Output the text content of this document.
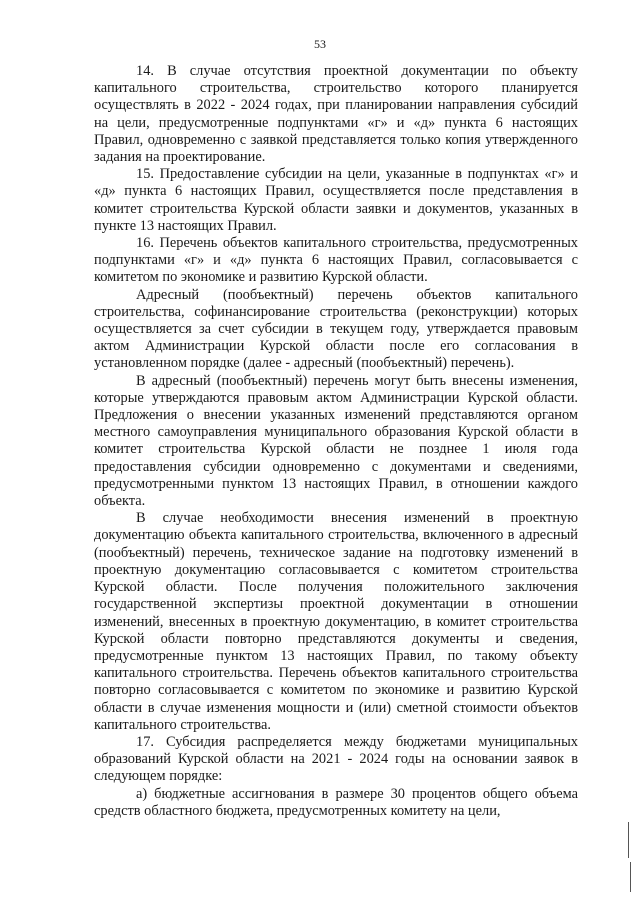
53

14. В случае отсутствия проектной документации по объекту капитального строительства, строительство которого планируется осуществлять в 2022 - 2024 годах, при планировании направления субсидий на цели, предусмотренные подпунктами «г» и «д» пункта 6 настоящих Правил, одновременно с заявкой представляется только копия утвержденного задания на проектирование.

15. Предоставление субсидии на цели, указанные в подпунктах «г» и «д» пункта 6 настоящих Правил, осуществляется после представления в комитет строительства Курской области заявки и документов, указанных в пункте 13 настоящих Правил.

16. Перечень объектов капитального строительства, предусмотренных подпунктами «г» и «д» пункта 6 настоящих Правил, согласовывается с комитетом по экономике и развитию Курской области.

Адресный (пообъектный) перечень объектов капитального строительства, софинансирование строительства (реконструкции) которых осуществляется за счет субсидии в текущем году, утверждается правовым актом Администрации Курской области после его согласования в установленном порядке (далее - адресный (пообъектный) перечень).

В адресный (пообъектный) перечень могут быть внесены изменения, которые утверждаются правовым актом Администрации Курской области. Предложения о внесении указанных изменений представляются органом местного самоуправления муниципального образования Курской области в комитет строительства Курской области не позднее 1 июля года предоставления субсидии одновременно с документами и сведениями, предусмотренными пунктом 13 настоящих Правил, в отношении каждого объекта.

В случае необходимости внесения изменений в проектную документацию объекта капитального строительства, включенного в адресный (пообъектный) перечень, техническое задание на подготовку изменений в проектную документацию согласовывается с комитетом строительства Курской области. После получения положительного заключения государственной экспертизы проектной документации в отношении изменений, внесенных в проектную документацию, в комитет строительства Курской области повторно представляются документы и сведения, предусмотренные пунктом 13 настоящих Правил, по такому объекту капитального строительства. Перечень объектов капитального строительства повторно согласовывается с комитетом по экономике и развитию Курской области в случае изменения мощности и (или) сметной стоимости объектов капитального строительства.

17. Субсидия распределяется между бюджетами муниципальных образований Курской области на 2021 - 2024 годы на основании заявок в следующем порядке:

а) бюджетные ассигнования в размере 30 процентов общего объема средств областного бюджета, предусмотренных комитету на цели,
